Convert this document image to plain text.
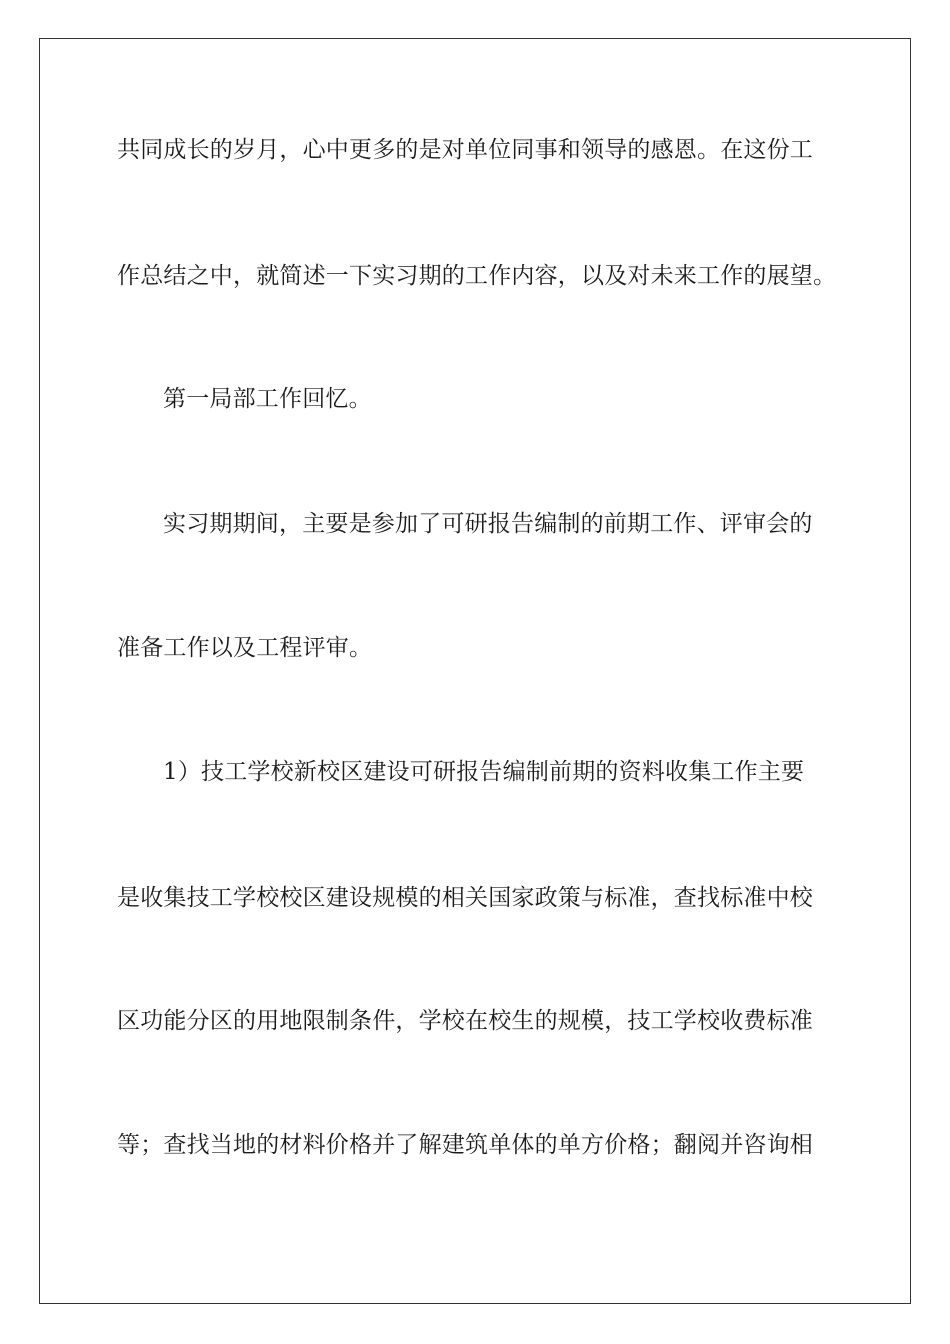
共同成长的岁月，心中更多的是对单位同事和领导的感恩。在这份工
作总结之中，就简述一下实习期的工作内容，以及对未来工作的展望。
第一局部工作回忆。
实习期期间，主要是参加了可研报告编制的前期工作、评审会的
准备工作以及工程评审。
1）技工学校新校区建设可研报告编制前期的资料收集工作主要
是收集技工学校校区建设规模的相关国家政策与标准，查找标准中校
区功能分区的用地限制条件，学校在校生的规模，技工学校收费标准
等；查找当地的材料价格并了解建筑单体的单方价格；翻阅并咨询相
